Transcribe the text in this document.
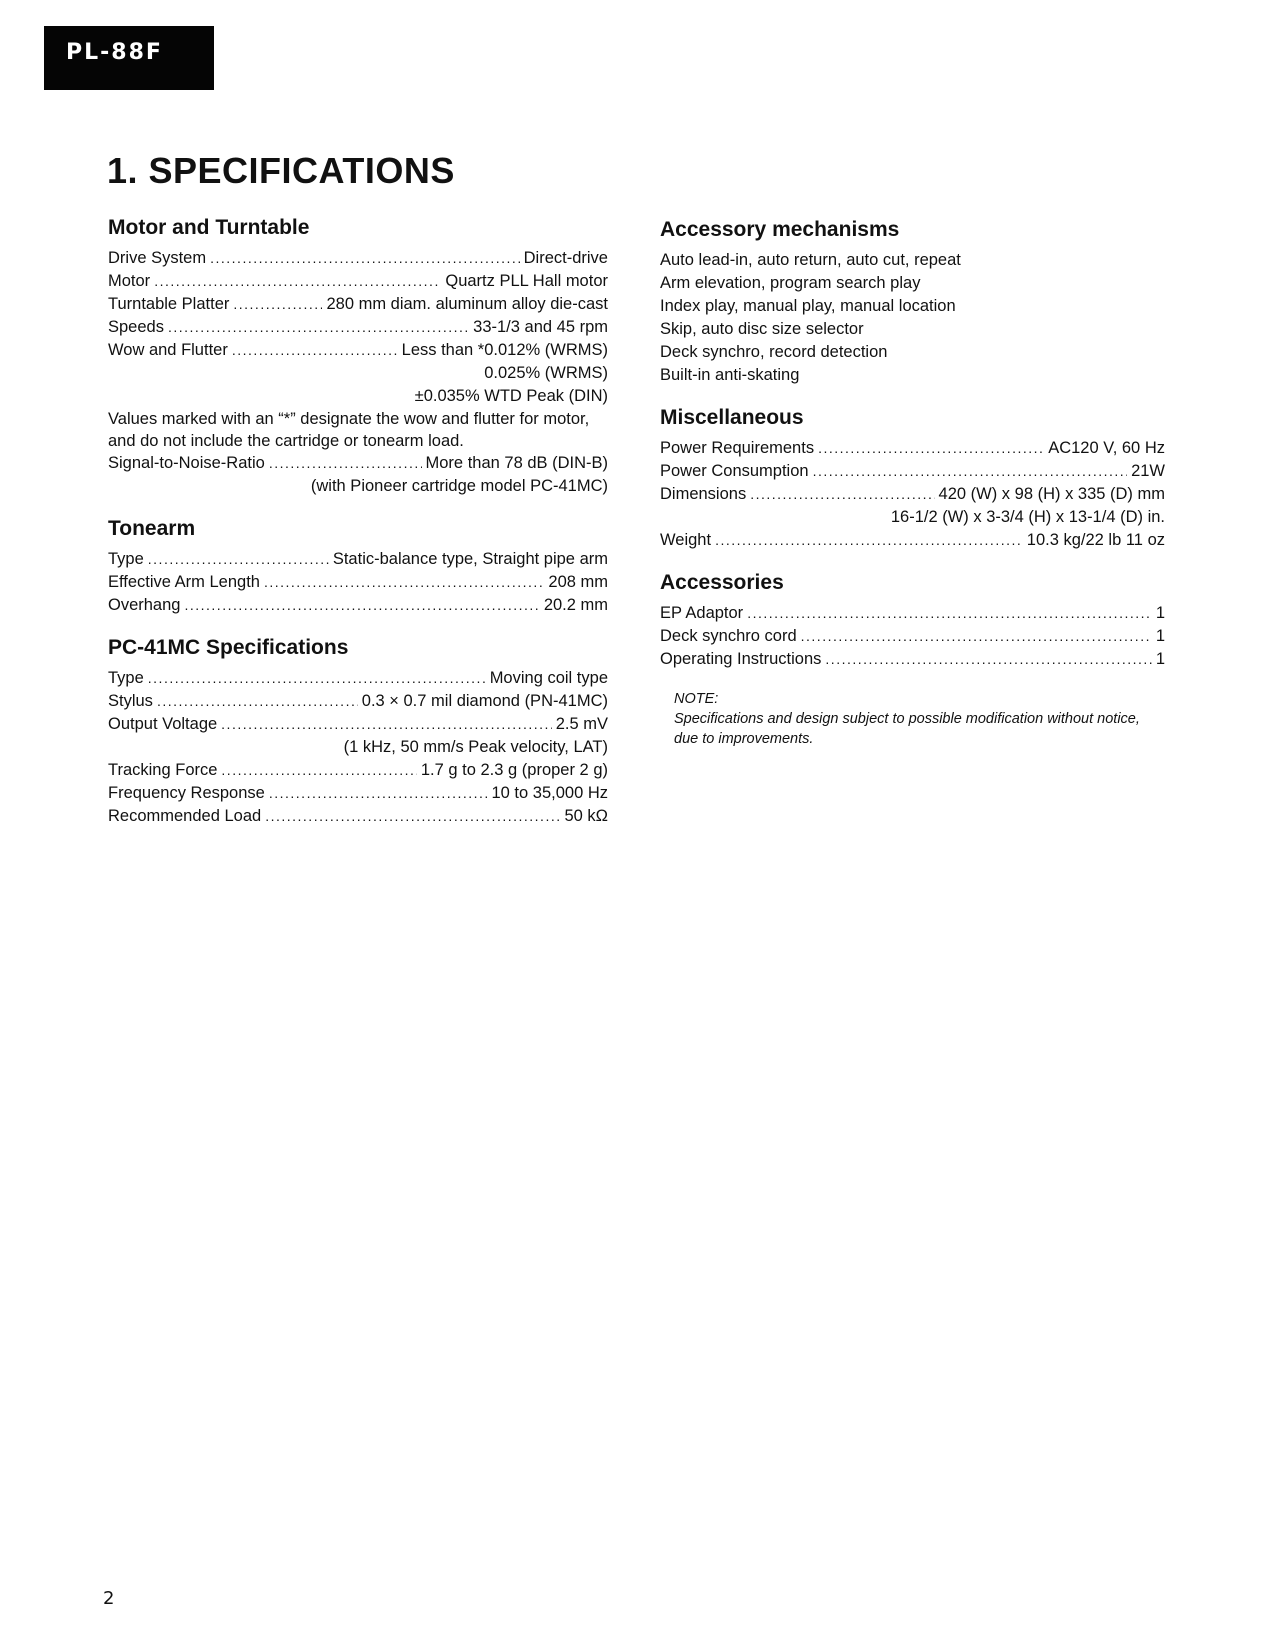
PL-88F
1. SPECIFICATIONS
Motor and Turntable
Drive System .....	Direct-drive
Motor .....	Quartz PLL Hall motor
Turntable Platter .....	280 mm diam. aluminum alloy die-cast
Speeds .....	33-1/3 and 45 rpm
Wow and Flutter .....	Less than *0.012% (WRMS)
0.025% (WRMS)
±0.035% WTD Peak (DIN)
Values marked with an “*” designate the wow and flutter for motor, and do not include the cartridge or tonearm load.
Signal-to-Noise-Ratio .....	More than 78 dB (DIN-B)
(with Pioneer cartridge model PC-41MC)
Tonearm
Type .....	Static-balance type, Straight pipe arm
Effective Arm Length .....	208 mm
Overhang .....	20.2 mm
PC-41MC Specifications
Type .....	Moving coil type
Stylus .....	0.3 × 0.7 mil diamond (PN-41MC)
Output Voltage .....	2.5 mV
(1 kHz, 50 mm/s Peak velocity, LAT)
Tracking Force .....	1.7 g to 2.3 g (proper 2 g)
Frequency Response .....	10 to 35,000 Hz
Recommended Load .....	50 kΩ
Accessory mechanisms
Auto lead-in, auto return, auto cut, repeat
Arm elevation, program search play
Index play, manual play, manual location
Skip, auto disc size selector
Deck synchro, record detection
Built-in anti-skating
Miscellaneous
Power Requirements .....	AC120 V, 60 Hz
Power Consumption .....	21W
Dimensions .....	420 (W) x 98 (H) x 335 (D) mm
16-1/2 (W) x 3-3/4 (H) x 13-1/4 (D) in.
Weight .....	10.3 kg/22 lb 11 oz
Accessories
EP Adaptor .....	1
Deck synchro cord .....	1
Operating Instructions .....	1
NOTE:
Specifications and design subject to possible modification without notice, due to improvements.
2
